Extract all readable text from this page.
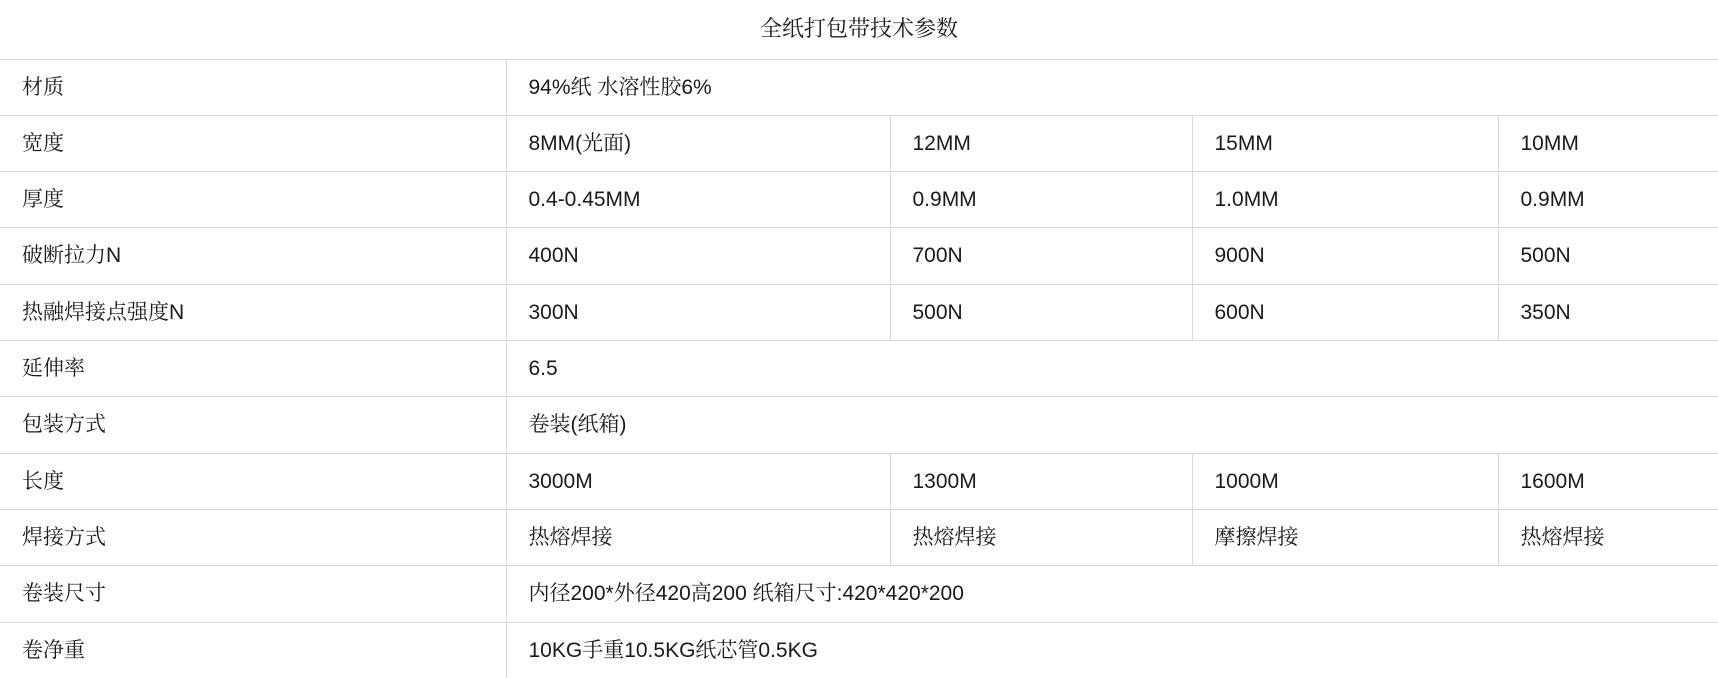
全纸打包带技术参数				
材质	94%纸 水溶性胶6%			
宽度	8MM(光面)	12MM	15MM	10MM
厚度	0.4-0.45MM	0.9MM	1.0MM	0.9MM
破断拉力N	400N	700N	900N	500N
热融焊接点强度N	300N	500N	600N	350N
延伸率	6.5			
包装方式	卷装(纸箱)			
长度	3000M	1300M	1000M	1600M
焊接方式	热熔焊接	热熔焊接	摩擦焊接	热熔焊接
卷装尺寸	内径200*外径420高200 纸箱尺寸:420*420*200			
卷净重	10KG手重10.5KG纸芯管0.5KG			
